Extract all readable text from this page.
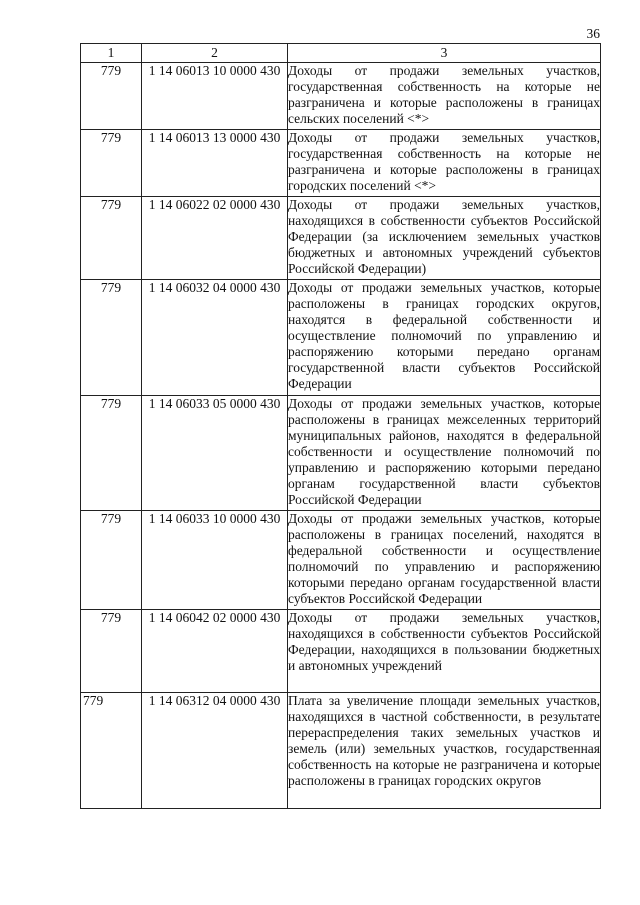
36
1	2	3
779	1 14 06013 10 0000 430	Доходы от продажи земельных участков, государственная собственность на которые не разграничена и которые расположены в границах сельских поселений <*>
779	1 14 06013 13 0000 430	Доходы от продажи земельных участков, государственная собственность на которые не разграничена и которые расположены в границах городских поселений <*>
779	1 14 06022 02 0000 430	Доходы от продажи земельных участков, находящихся в собственности субъектов Российской Федерации (за исключением земельных участков бюджетных и автономных учреждений субъектов Российской Федерации)
779	1 14 06032 04 0000 430	Доходы от продажи земельных участков, которые расположены в границах городских округов, находятся в федеральной собственности и осуществление полномочий по управлению и распоряжению которыми передано органам государственной власти субъектов Российской Федерации
779	1 14 06033 05 0000 430	Доходы от продажи земельных участков, которые расположены в границах межселенных территорий муниципальных районов, находятся в федеральной собственности и осуществление полномочий по управлению и распоряжению которыми передано органам государственной власти субъектов Российской Федерации
779	1 14 06033 10 0000 430	Доходы от продажи земельных участков, которые расположены в границах поселений, находятся в федеральной собственности и осуществление полномочий по управлению и распоряжению которыми передано органам государственной власти субъектов Российской Федерации
779	1 14 06042 02 0000 430	Доходы от продажи земельных участков, находящихся в собственности субъектов Российской Федерации, находящихся в пользовании бюджетных и автономных учреждений
779	1 14 06312 04 0000 430	Плата за увеличение площади земельных участков, находящихся в частной собственности, в результате перераспределения таких земельных участков и земель (или) земельных участков, государственная собственность на которые не разграничена и которые расположены в границах городских округов
